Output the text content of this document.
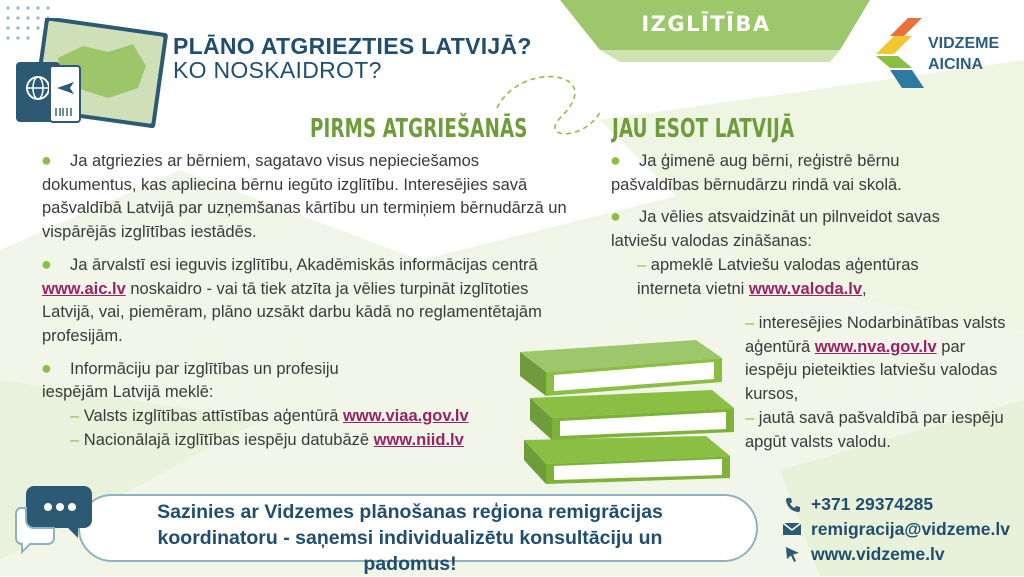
PLĀNO ATGRIEZTIES LATVIJĀ?
KO NOSKAIDROT?
IZGLĪTĪBA
VIDZEME
AICINA
PIRMS ATGRIEŠANĀS	JAU ESOT LATVIJĀ
● Ja atgriezies ar bērniem, sagatavo visus nepieciešamos dokumentus, kas apliecina bērnu iegūto izglītību. Interesējies savā pašvaldībā Latvijā par uzņemšanas kārtību un termiņiem bērnudārzā un vispārējās izglītības iestādēs.
● Ja ārvalstī esi ieguvis izglītību, Akadēmiskās informācijas centrā www.aic.lv noskaidro - vai tā tiek atzīta ja vēlies turpināt izglītoties Latvijā, vai, piemēram, plāno uzsākt darbu kādā no reglamentētajām profesijām.
● Informāciju par izglītības un profesiju iespējām Latvijā meklē:
– Valsts izglītības attīstības aģentūrā www.viaa.gov.lv
– Nacionālajā izglītības iespēju datubāzē www.niid.lv
● Ja ģimenē aug bērni, reģistrē bērnu pašvaldības bērnudārzu rindā vai skolā.
● Ja vēlies atsvaidzināt un pilnveidot savas latviešu valodas zināšanas:
– apmeklē Latviešu valodas aģentūras interneta vietni www.valoda.lv,
– interesējies Nodarbinātības valsts aģentūrā www.nva.gov.lv par iespēju pieteikties latviešu valodas kursos,
– jautā savā pašvaldībā par iespēju apgūt valsts valodu.
Sazinies ar Vidzemes plānošanas reģiona remigrācijas
koordinatoru - saņemsi individualizētu konsultāciju un padomus!
+371 29374285
remigracija@vidzeme.lv
www.vidzeme.lv
